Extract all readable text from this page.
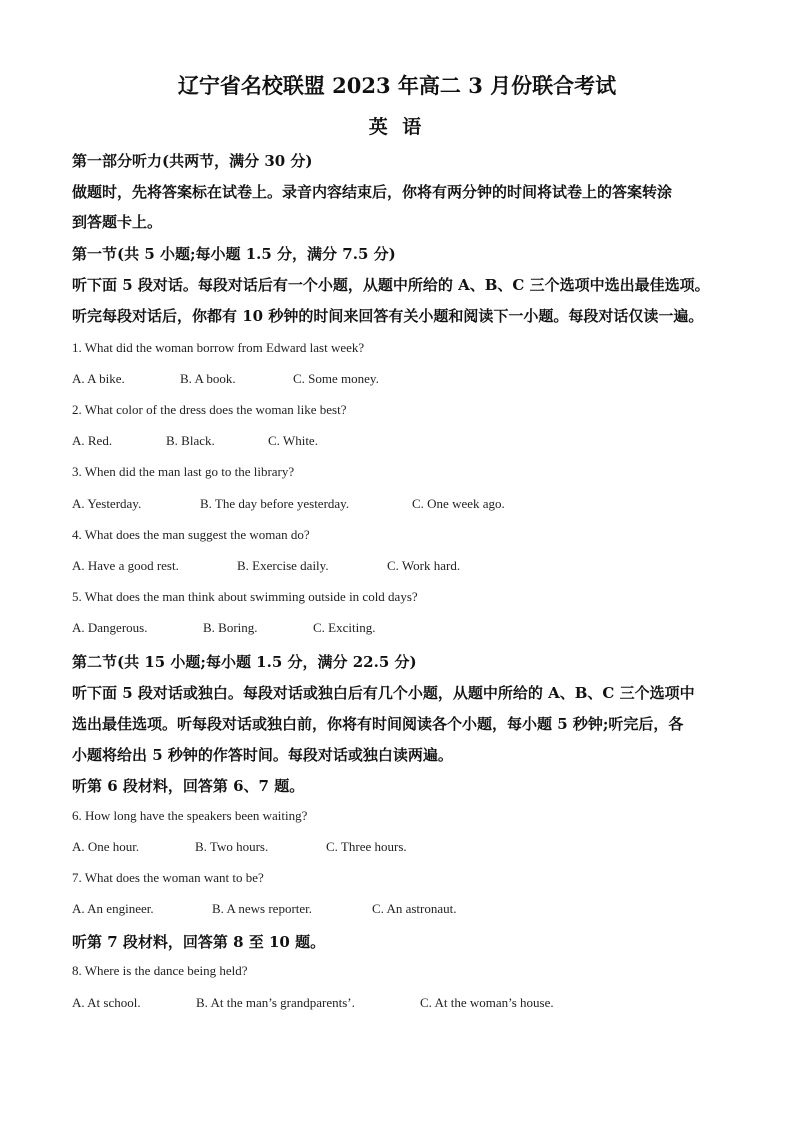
辽宁省名校联盟 2023 年高二 3 月份联合考试
英 语
第一部分听力(共两节，满分 30 分)
做题时，先将答案标在试卷上。录音内容结束后，你将有两分钟的时间将试卷上的答案转涂
到答题卡上。
第一节(共 5 小题;每小题 1.5 分，满分 7.5 分)
听下面 5 段对话。每段对话后有一个小题，从题中所给的 A、B、C 三个选项中选出最佳选项。
听完每段对话后，你都有 10 秒钟的时间来回答有关小题和阅读下一小题。每段对话仅读一遍。
1. What did the woman borrow from Edward last week?
A. A bike.	B. A book.	C. Some money.
2. What color of the dress does the woman like best?
A. Red.	B. Black.	C. White.
3. When did the man last go to the library?
A. Yesterday.	B. The day before yesterday.	C. One week ago.
4. What does the man suggest the woman do?
A. Have a good rest.	B. Exercise daily.	C. Work hard.
5. What does the man think about swimming outside in cold days?
A. Dangerous.	B. Boring.	C. Exciting.
第二节(共 15 小题;每小题 1.5 分，满分 22.5 分)
听下面 5 段对话或独白。每段对话或独白后有几个小题，从题中所给的 A、B、C 三个选项中
选出最佳选项。听每段对话或独白前，你将有时间阅读各个小题，每小题 5 秒钟;听完后，各
小题将给出 5 秒钟的作答时间。每段对话或独白读两遍。
听第 6 段材料，回答第 6、7 题。
6. How long have the speakers been waiting?
A. One hour.	B. Two hours.	C. Three hours.
7. What does the woman want to be?
A. An engineer.	B. A news reporter.	C. An astronaut.
听第 7 段材料，回答第 8 至 10 题。
8. Where is the dance being held?
A. At school.	B. At the man’s grandparents’.	C. At the woman’s house.
